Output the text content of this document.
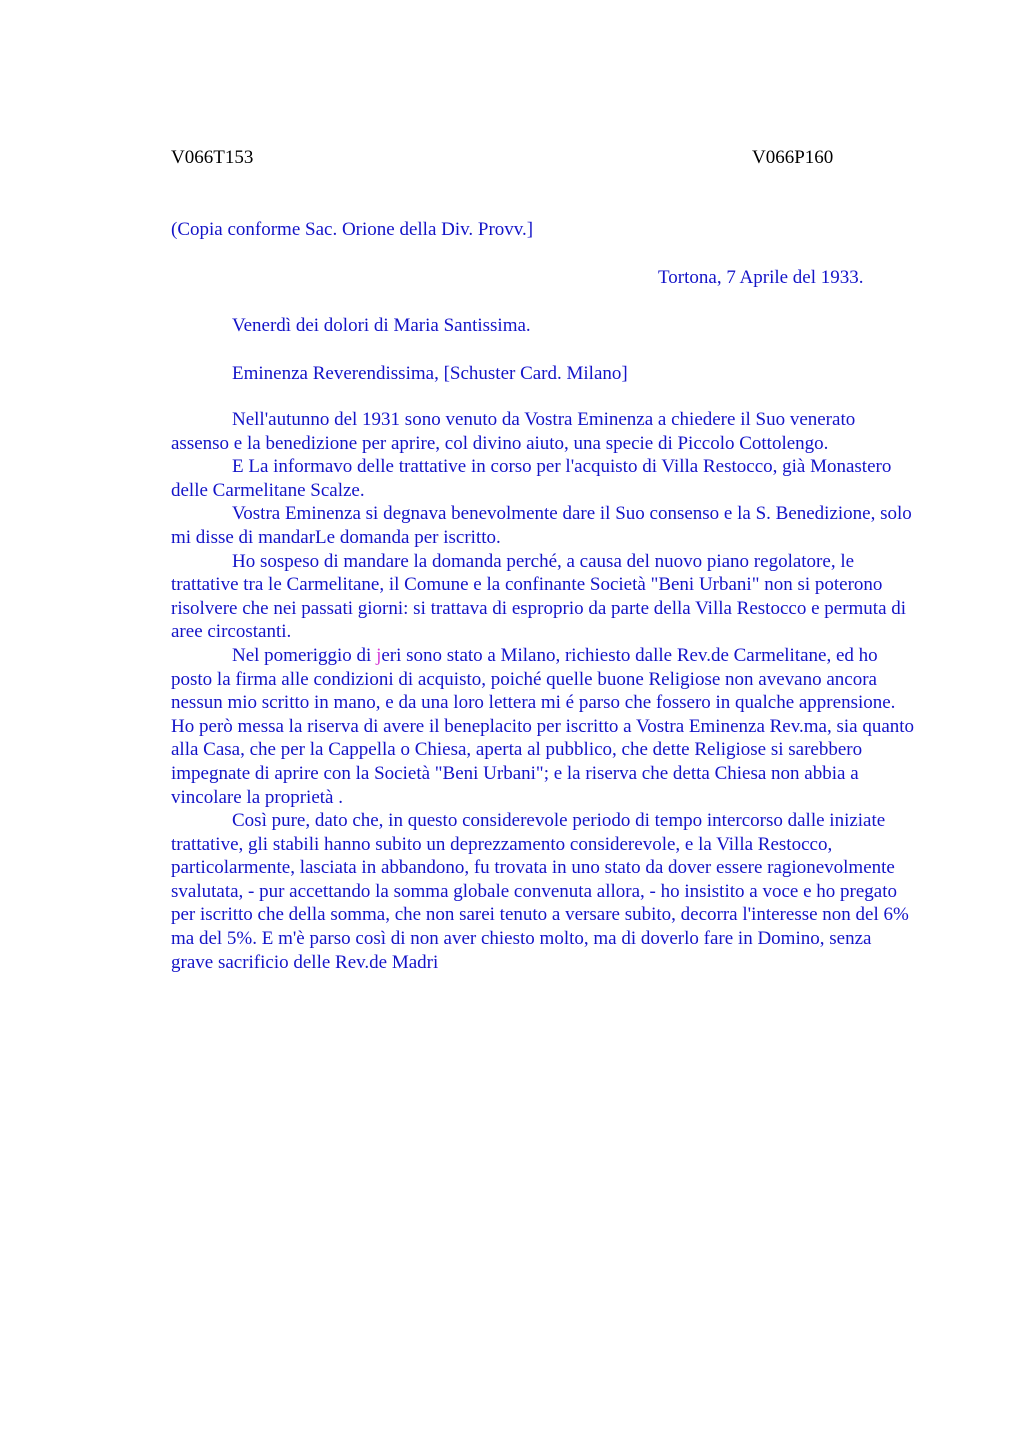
V066T153	V066P160
(Copia conforme Sac. Orione della Div. Provv.]
Tortona, 7 Aprile del 1933.
Venerdì dei dolori di Maria Santissima.
Eminenza Reverendissima, [Schuster Card. Milano]

Nell'autunno del 1931 sono venuto da Vostra Eminenza a chiedere il Suo venerato assenso e la benedizione per aprire, col divino aiuto, una specie di Piccolo Cottolengo.

E La informavo delle trattative in corso per l'acquisto di Villa Restocco, già Monastero delle Carmelitane Scalze.

Vostra Eminenza si degnava benevolmente dare il Suo consenso e la S. Benedizione, solo mi disse di mandarLe domanda per iscritto.

Ho sospeso di mandare la domanda perché, a causa del nuovo piano regolatore, le trattative tra le Carmelitane, il Comune e la confinante Società "Beni Urbani" non si poterono risolvere che nei passati giorni: si trattava di esproprio da parte della Villa Restocco e permuta di aree circostanti.

Nel pomeriggio di jeri sono stato a Milano, richiesto dalle Rev.de Carmelitane, ed ho posto la firma alle condizioni di acquisto, poiché quelle buone Religiose non avevano ancora nessun mio scritto in mano, e da una loro lettera mi é parso che fossero in qualche apprensione. Ho però messa la riserva di avere il beneplacito per iscritto a Vostra Eminenza Rev.ma, sia quanto alla Casa, che per la Cappella o Chiesa, aperta al pubblico, che dette Religiose si sarebbero impegnate di aprire con la Società "Beni Urbani"; e la riserva che detta Chiesa non abbia a vincolare la proprietà .

Così pure, dato che, in questo considerevole periodo di tempo intercorso dalle iniziate trattative, gli stabili hanno subito un deprezzamento considerevole, e la Villa Restocco, particolarmente, lasciata in abbandono, fu trovata in uno stato da dover essere ragionevolmente svalutata, - pur accettando la somma globale convenuta allora, - ho insistito a voce e ho pregato per iscritto che della somma, che non sarei tenuto a versare subito, decorra l'interesse non del 6% ma del 5%. E m'è parso così di non aver chiesto molto, ma di doverlo fare in Domino, senza grave sacrificio delle Rev.de Madri
